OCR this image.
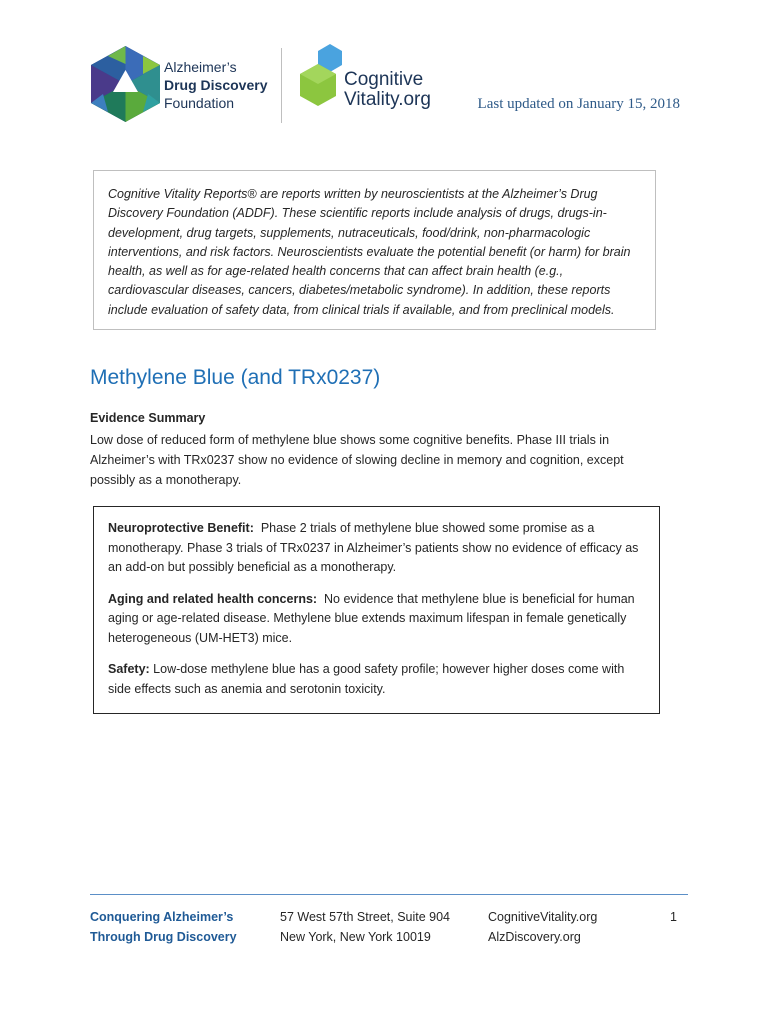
Alzheimer’s
Drug Discovery
Foundation
Cognitive
Vitality.org	Last updated on January 15, 2018
Cognitive Vitality Reports® are reports written by neuroscientists at the Alzheimer’s Drug Discovery Foundation (ADDF). These scientific reports include analysis of drugs, drugs-in-development, drug targets, supplements, nutraceuticals, food/drink, non-pharmacologic interventions, and risk factors. Neuroscientists evaluate the potential benefit (or harm) for brain health, as well as for age-related health concerns that can affect brain health (e.g., cardiovascular diseases, cancers, diabetes/metabolic syndrome). In addition, these reports include evaluation of safety data, from clinical trials if available, and from preclinical models.
Methylene Blue (and TRx0237)
Evidence Summary
Low dose of reduced form of methylene blue shows some cognitive benefits. Phase III trials in Alzheimer’s with TRx0237 show no evidence of slowing decline in memory and cognition, except possibly as a monotherapy.

Neuroprotective Benefit: Phase 2 trials of methylene blue showed some promise as a monotherapy. Phase 3 trials of TRx0237 in Alzheimer’s patients show no evidence of efficacy as an add-on but possibly beneficial as a monotherapy.

Aging and related health concerns: No evidence that methylene blue is beneficial for human aging or age-related disease. Methylene blue extends maximum lifespan in female genetically heterogeneous (UM-HET3) mice.

Safety: Low-dose methylene blue has a good safety profile; however higher doses come with side effects such as anemia and serotonin toxicity.

Conquering Alzheimer’s
Through Drug Discovery
57 West 57th Street, Suite 904
New York, New York 10019
CognitiveVitality.org
AlzDiscovery.org
1
